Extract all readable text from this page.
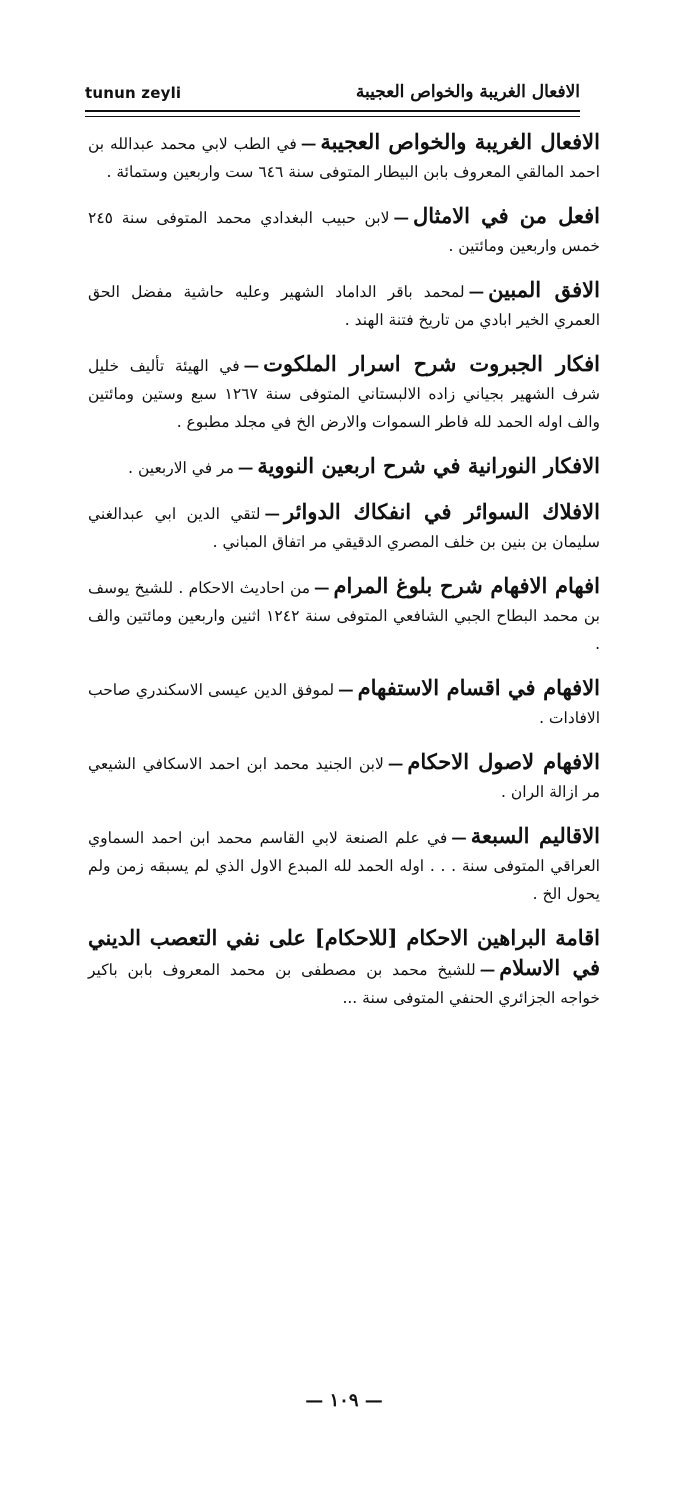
tunun zeyli	الافعال الغريبة والخواص العجيبة

الافعال الغريبة والخواص العجيبة—في الطب لابي محمد عبدالله بن احمد المالقي المعروف بابن البيطار المتوفى سنة ٦٤٦ ست واربعين وستمائة .

افعل من في الامثال—لابن حبيب البغدادي محمد المتوفى سنة ٢٤٥ خمس واربعين ومائتين .

الافق المبين—لمحمد باقر الداماد الشهير وعليه حاشية مفضل الحق العمري الخير ابادي من تاريخ فتنة الهند .

افكار الجبروت شرح اسرار الملكوت—في الهيئة تأليف خليل شرف الشهير بجياني زاده الالبستاني المتوفى سنة ١٢٦٧ سبع وستين ومائتين والف اوله الحمد لله فاطر السموات والارض الخ في مجلد مطبوع .

الافكار النورانية في شرح اربعين النووية—مر في الاربعين .

الافلاك السوائر في انفكاك الدوائر—لتقي الدين ابي عبدالغني سليمان بن بنين بن خلف المصري الدقيقي مر اتفاق المباني .

افهام الافهام شرح بلوغ المرام—من احاديث الاحكام . للشيخ يوسف بن محمد البطاح الجبي الشافعي المتوفى سنة ١٢٤٢ اثنين واربعين ومائتين والف .

الافهام في اقسام الاستفهام—لموفق الدين عيسى الاسكندري صاحب الافادات .

الافهام لاصول الاحكام—لابن الجنيد محمد ابن احمد الاسكافي الشيعي مر ازالة الران .

الاقاليم السبعة—في علم الصنعة لابي القاسم محمد ابن احمد السماوي العراقي المتوفى سنة . . . اوله الحمد لله المبدع الاول الذي لم يسبقه زمن ولم يحول الخ .

اقامة البراهين الاحكام [للاحكام] على نفي التعصب الديني في الاسلام—للشيخ محمد بن مصطفى بن محمد المعروف بابن باكير خواجه الجزائري الحنفي المتوفى سنة ...

— ١٠٩ —
